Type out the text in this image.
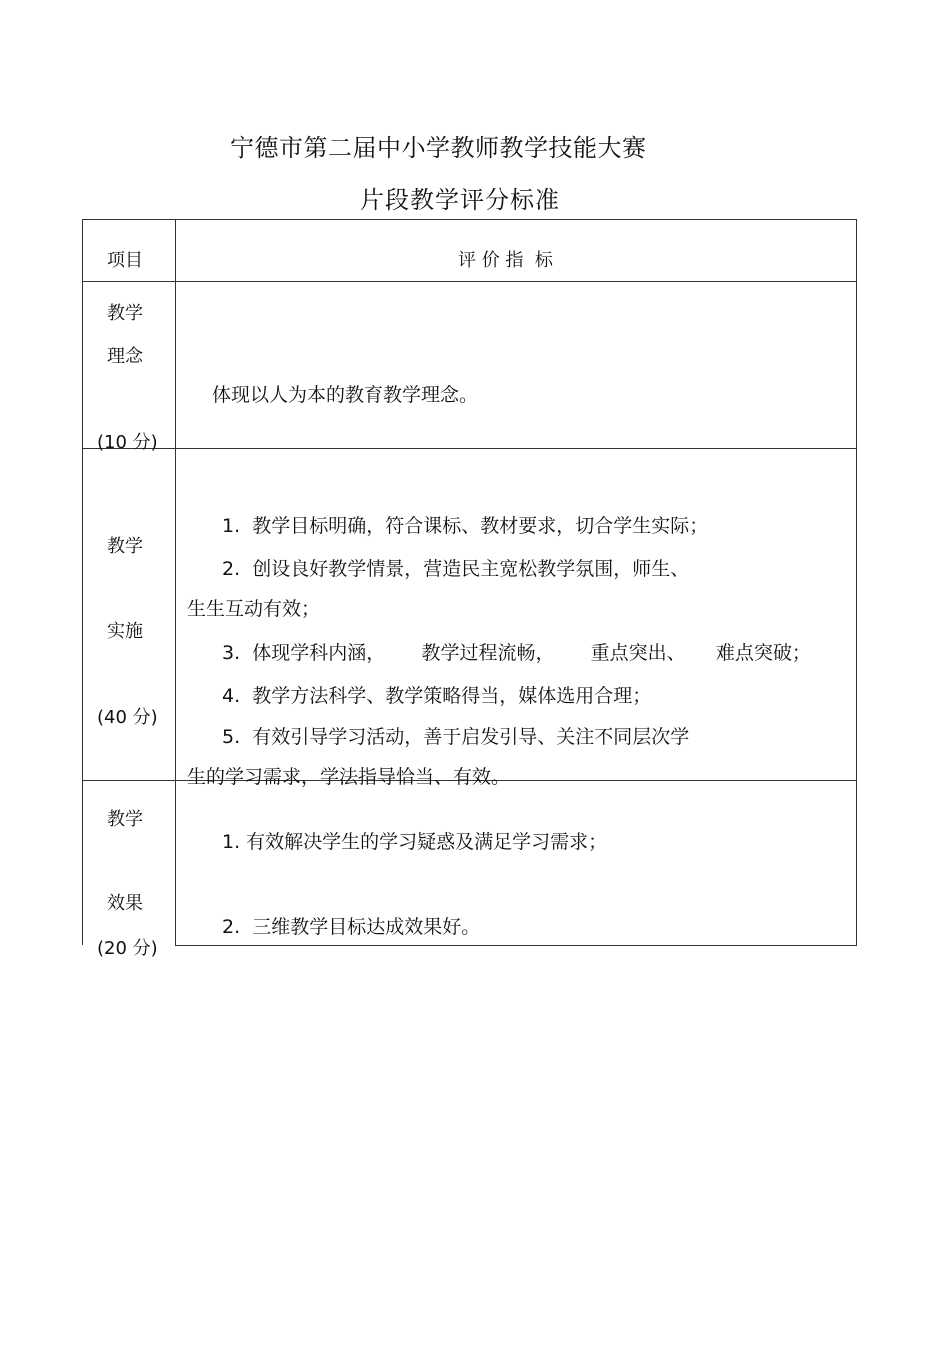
宁德市第二届中小学教师教学技能大赛
片段教学评分标准
项目	评 价 指  标
教学
理念
(10 分)
体现以人为本的教育教学理念。
教学
实施
(40 分)
1.  教学目标明确，符合课标、教材要求，切合学生实际；
2.  创设良好教学情景，营造民主宽松教学氛围，师生、
生生互动有效；
3.  体现学科内涵，      教学过程流畅，      重点突出、     难点突破；
4.  教学方法科学、教学策略得当，媒体选用合理；
5.  有效引导学习活动，善于启发引导、关注不同层次学
生的学习需求，学法指导恰当、有效。
教学
效果
(20 分)
1. 有效解决学生的学习疑惑及满足学习需求；
2.  三维教学目标达成效果好。
